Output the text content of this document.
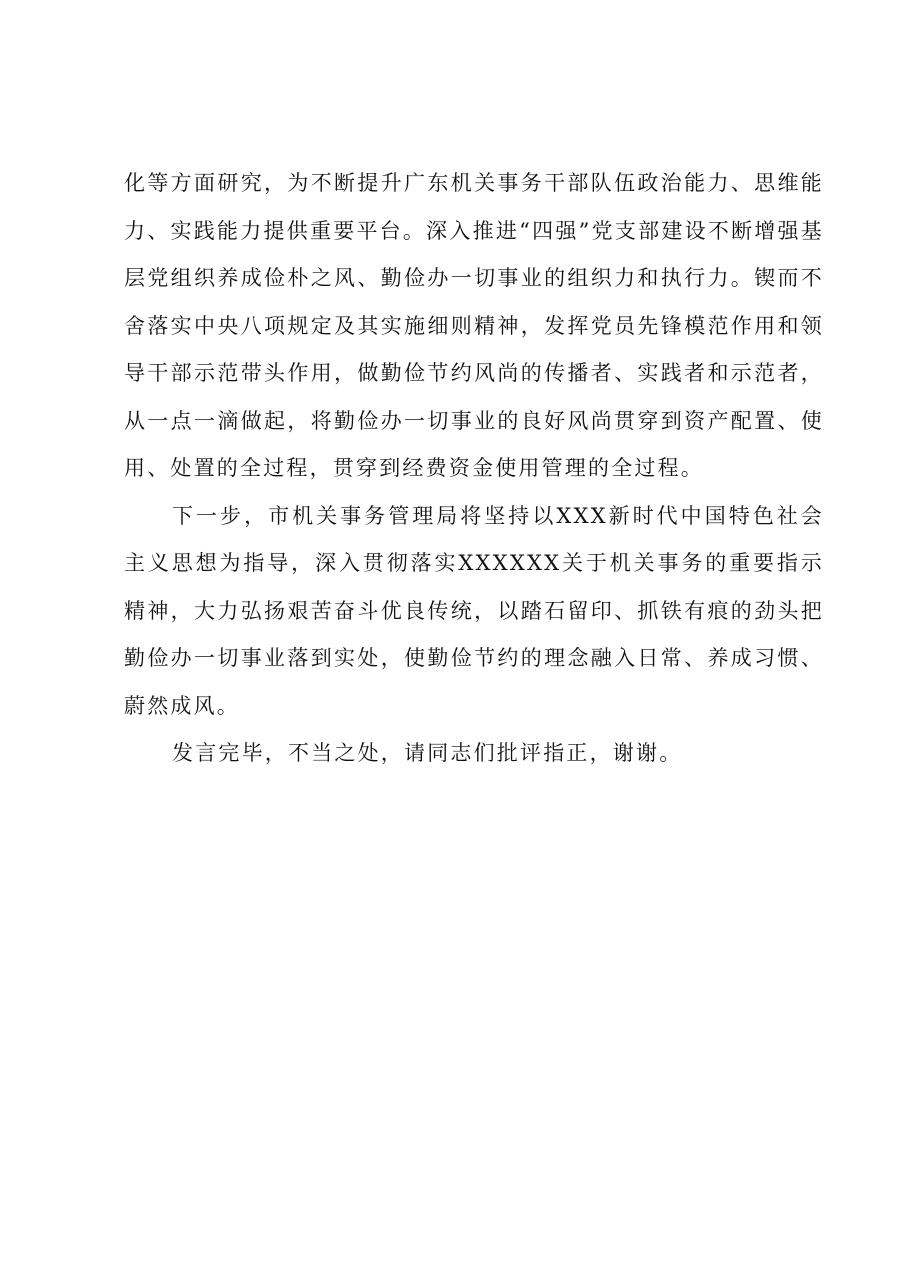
化等方面研究，为不断提升广东机关事务干部队伍政治能力、思维能力、实践能力提供重要平台。深入推进“四强”党支部建设不断增强基层党组织养成俭朴之风、勤俭办一切事业的组织力和执行力。锲而不舍落实中央八项规定及其实施细则精神，发挥党员先锋模范作用和领导干部示范带头作用，做勤俭节约风尚的传播者、实践者和示范者，从一点一滴做起，将勤俭办一切事业的良好风尚贯穿到资产配置、使用、处置的全过程，贯穿到经费资金使用管理的全过程。

下一步，市机关事务管理局将坚持以XXX新时代中国特色社会主义思想为指导，深入贯彻落实XXXXXX关于机关事务的重要指示精神，大力弘扬艰苦奋斗优良传统，以踏石留印、抓铁有痕的劲头把勤俭办一切事业落到实处，使勤俭节约的理念融入日常、养成习惯、蔚然成风。

发言完毕，不当之处，请同志们批评指正，谢谢。
